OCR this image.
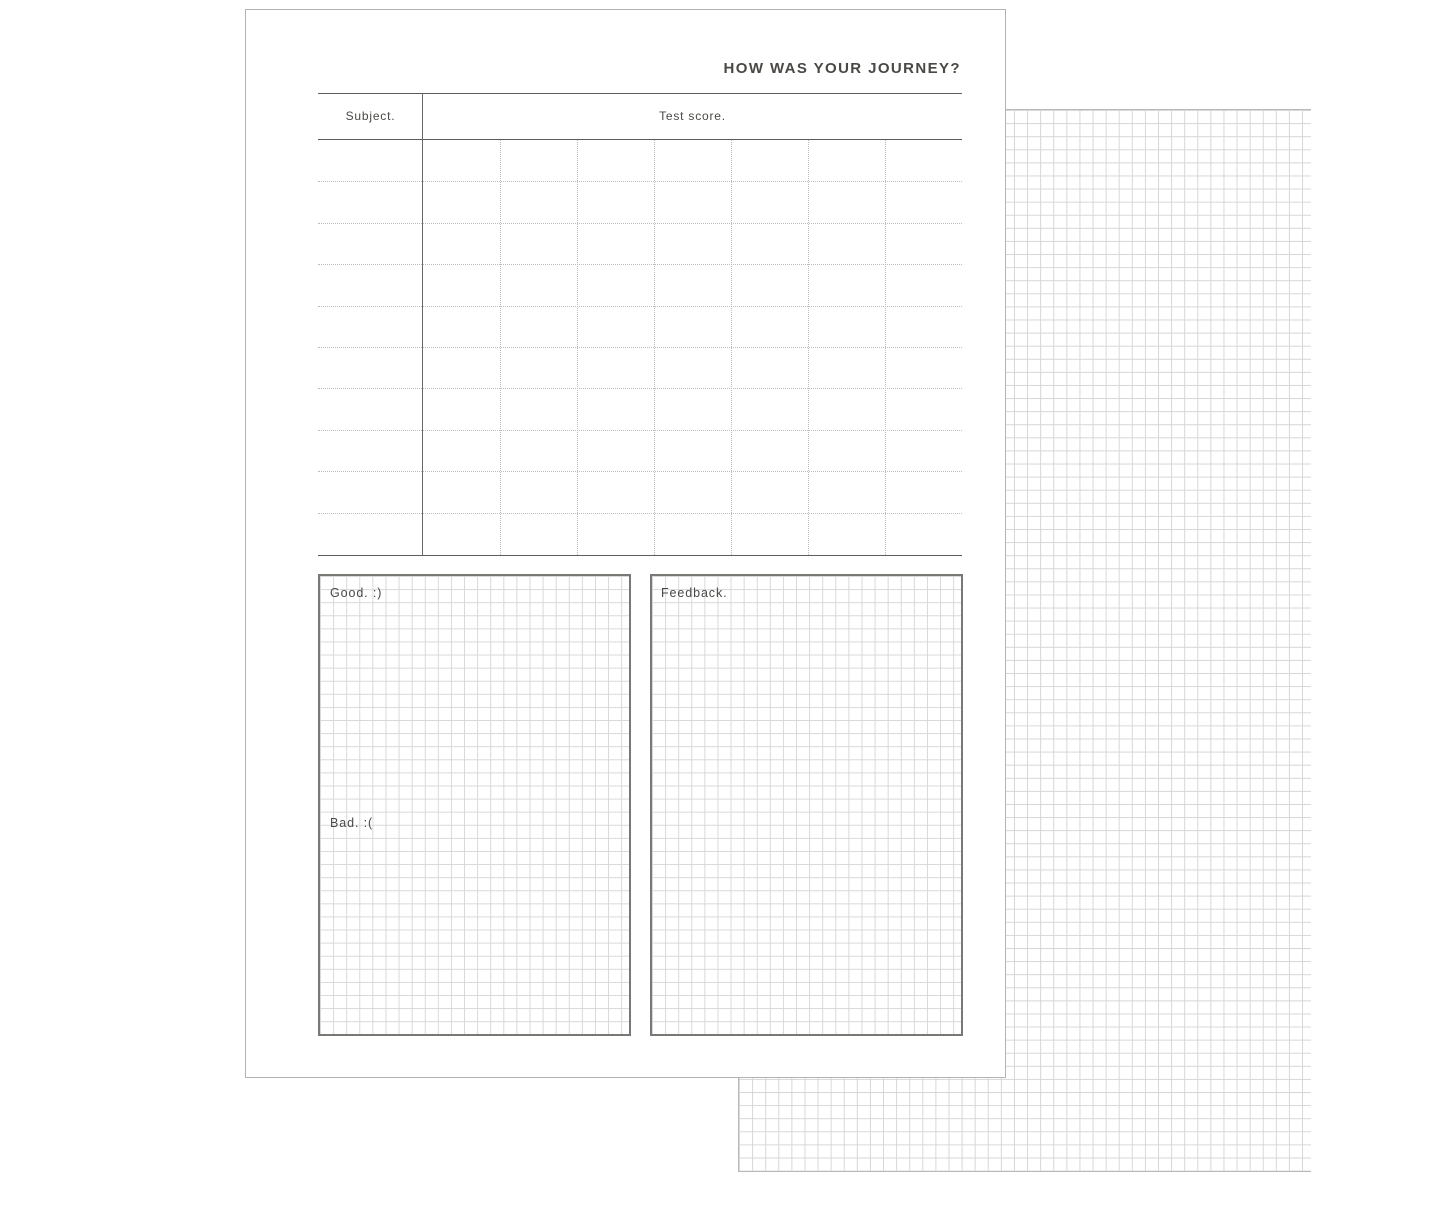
HOW WAS YOUR JOURNEY?
Subject.	Test score.
Good. :)
Bad. :(
Feedback.
